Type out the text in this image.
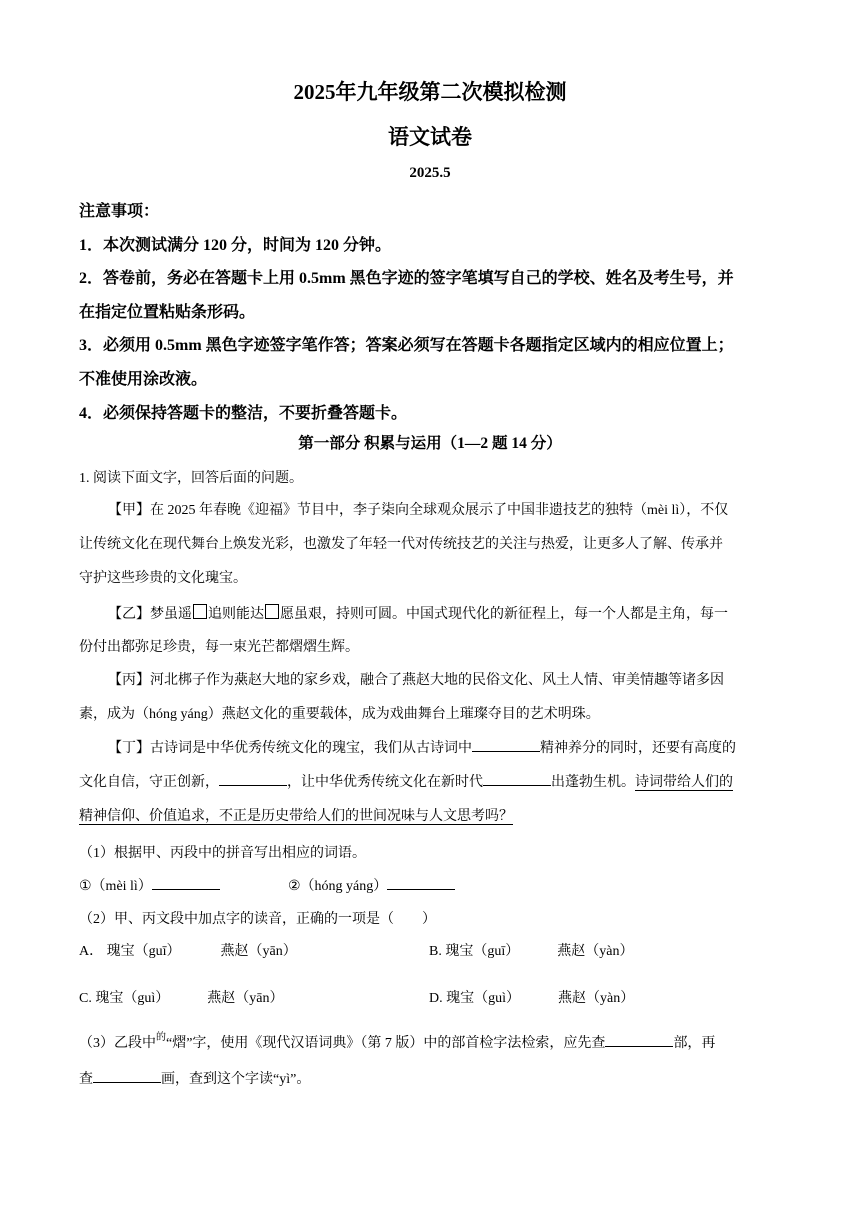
2025年九年级第二次模拟检测
语文试卷
2025.5
注意事项：
1．本次测试满分 120 分，时间为 120 分钟。
2．答卷前，务必在答题卡上用 0.5mm 黑色字迹的签字笔填写自己的学校、姓名及考生号，并
在指定位置粘贴条形码。
3．必须用 0.5mm 黑色字迹签字笔作答；答案必须写在答题卡各题指定区域内的相应位置上；
不准使用涂改液。
4．必须保持答题卡的整洁，不要折叠答题卡。
第一部分 积累与运用（1—2 题 14 分）
1. 阅读下面文字，回答后面的问题。
【甲】在 2025 年春晚《迎福》节目中，李子柒向全球观众展示了中国非遗技艺的独特（mèi lì），不仅
让传统文化在现代舞台上焕发光彩，也激发了年轻一代对传统技艺的关注与热爱，让更多人了解、传承并
守护这些珍贵的文化瑰 ·宝。
【乙】梦虽遥 追则能达 愿虽艰，持则可圆。中国式现代化的新征程上，每一个人都是主角，每一
份付出都弥足珍贵，每一束光芒都熠熠生辉。
【丙】河北梆子作为燕 ·赵大地的家乡戏，融合了燕赵大地的民俗文化、风土人情、审美情趣等诸多因
素，成为（hóng yáng）燕赵文化的重要载体，成为戏曲舞台上璀璨夺目的艺术明珠。
【丁】古诗词是中华优秀传统文化的瑰宝，我们从古诗词中	精神养分的同时，还要有高度的
文化自信，守正创新，	，让中华优秀传统文化在新时代	出蓬勃生机。诗词带给人们的
精神信仰、价值追求，不正是历史带给人们的世间况味与人文思考吗？
（1）根据甲、丙段中的拼音写出相应的词语。
①（mèi lì）	②（hóng yáng）
（2）甲、丙文段中加点字的读音，正确的一项是（　　）
A． 瑰宝（guī）	燕赵（yān）	B. 瑰宝（guī）	燕赵（yàn）
C. 瑰宝（guì）	燕赵（yān）	D. 瑰宝（guì）	燕赵（yàn）
（3）乙段中$^的$“熠”字，使用《现代汉语词典》（第 7 版）中的部首检字法检索，应先查	部，再
查	画，查到这个字读“yì”。
